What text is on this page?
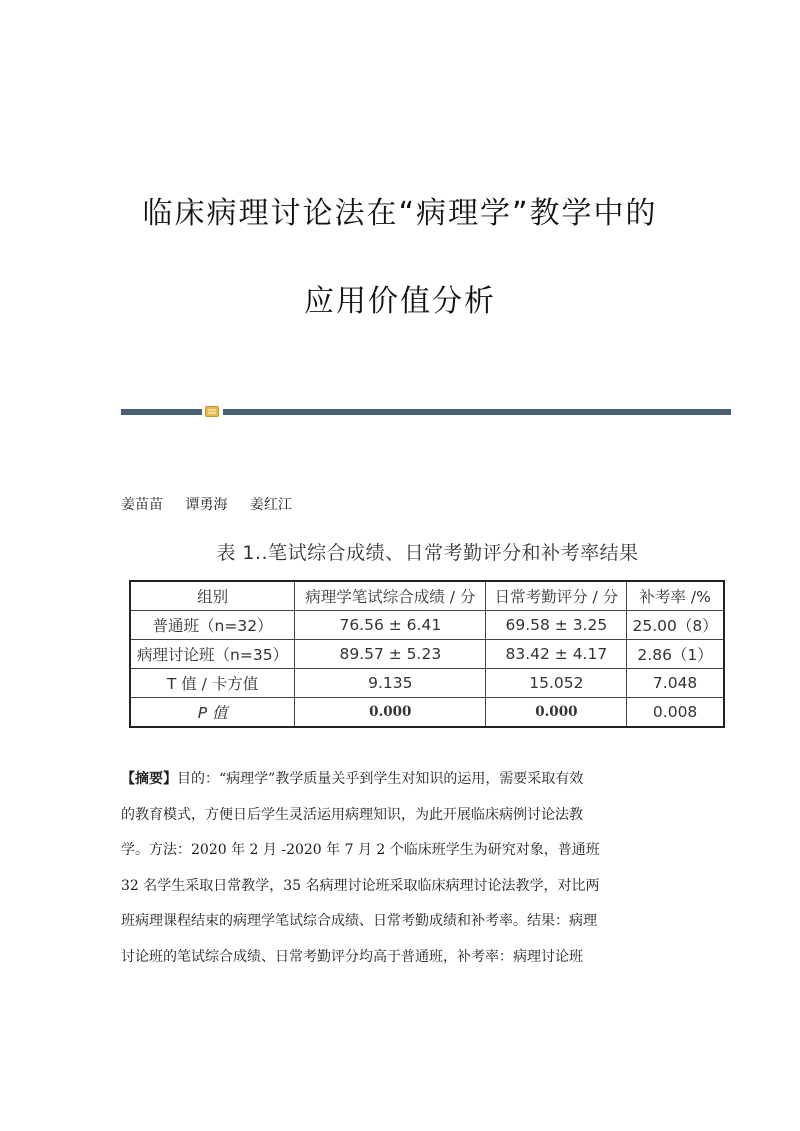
临床病理讨论法在“病理学”教学中的
应用价值分析
姜苗苗 谭勇海 姜红江
表 1..笔试综合成绩、日常考勤评分和补考率结果
组别	病理学笔试综合成绩 / 分	日常考勤评分 / 分	补考率 /%
普通班（n=32）	76.56 ± 6.41	69.58 ± 3.25	25.00（8）
病理讨论班（n=35）	89.57 ± 5.23	83.42 ± 4.17	2.86（1）
T 值 / 卡方值	9.135	15.052	7.048
P 值	0.000	0.000	0.008

【摘要】目的：“病理学”教学质量关乎到学生对知识的运用，需要采取有效

的教育模式，方便日后学生灵活运用病理知识，为此开展临床病例讨论法教

学。方法：2020 年 2 月 -2020 年 7 月 2 个临床班学生为研究对象，普通班

32 名学生采取日常教学，35 名病理讨论班采取临床病理讨论法教学，对比两

班病理课程结束的病理学笔试综合成绩、日常考勤成绩和补考率。结果：病理

讨论班的笔试综合成绩、日常考勤评分均高于普通班，补考率：病理讨论班
